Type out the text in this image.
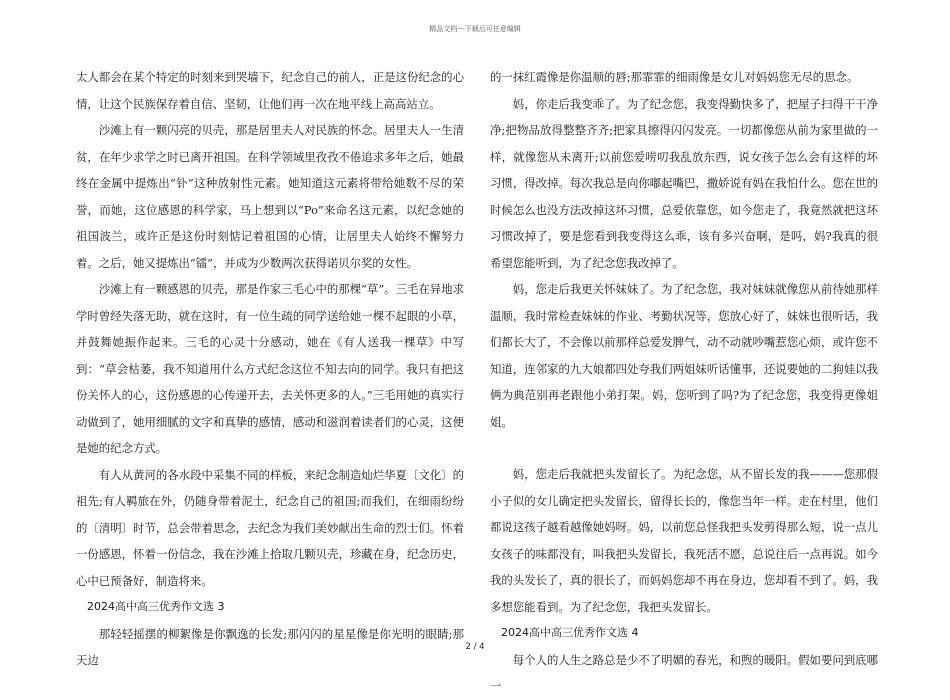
精品文档---下载后可任意编辑

太人都会在某个特定的时刻来到哭墙下，纪念自己的前人，正是这份纪念的心情，让这个民族保存着自信、坚韧，让他们再一次在地平线上高高站立。

沙滩上有一颗闪亮的贝壳，那是居里夫人对民族的怀念。居里夫人一生清贫，在年少求学之时已离开祖国。在科学领域里孜孜不倦追求多年之后，她最终在金属中提炼出“钋”这种放射性元素。她知道这元素将带给她数不尽的荣誉，而她，这位感恩的科学家，马上想到以“Po”来命名这元素，以纪念她的祖国波兰，或许正是这份时刻惦记着祖国的心情，让居里夫人始终不懈努力着。之后，她又提炼出“镭”，并成为少数两次获得诺贝尔奖的女性。

沙滩上有一颗感恩的贝壳，那是作家三毛心中的那棵“草”。三毛在异地求学时曾经失落无助，就在这时，有一位生疏的同学送给她一棵不起眼的小草，并鼓舞她振作起来。三毛的心灵十分感动，她在《有人送我一棵草》中写到：“草会枯萎，我不知道用什么方式纪念这位不知去向的同学。我只有把这份关怀人的心，这份感恩的心传递开去，去关怀更多的人。”三毛用她的真实行动做到了，她用细腻的文字和真挚的感情，感动和滋润着读者们的心灵，这便是她的纪念方式。

有人从黄河的各水段中采集不同的样板，来纪念制造灿烂华夏〔文化〕的祖先;有人羁旅在外，仍随身带着泥土，纪念自己的祖国;而我们，在细雨纷纷的〔清明〕时节，总会带着思念，去纪念为我们美妙献出生命的烈士们。怀着一份感恩，怀着一份信念，我在沙滩上拾取几颗贝壳，珍藏在身，纪念历史，心中已预备好，制造将来。

2024高中高三优秀作文选 3

那轻轻摇摆的柳絮像是你飘逸的长发;那闪闪的星星像是你光明的眼睛;那天边

的一抹红霞像是你温顺的唇;那霏霏的细雨像是女儿对妈妈您无尽的思念。

妈，你走后我变乖了。为了纪念您，我变得勤快多了，把屋子扫得干干净净;把物品放得整整齐齐;把家具擦得闪闪发亮。一切都像您从前为家里做的一样，就像您从未离开;以前您爱唠叨我乱放东西，说女孩子怎么会有这样的坏习惯，得改掉。每次我总是向你嘟起嘴巴，撒娇说有妈在我怕什么。您在世的时候怎么也没方法改掉这坏习惯，总爱依靠您，如今您走了，我竟然就把这坏习惯改掉了，要是您看到我变得这么乖，该有多兴奋啊，是吗，妈?我真的很希望您能听到，为了纪念您我改掉了。

妈，您走后我更关怀妹妹了。为了纪念您，我对妹妹就像您从前待她那样温顺，我时常检查妹妹的作业、考勤状况等，您放心好了，妹妹也很听话，我们都长大了，不会像以前那样总爱发脾气，动不动就吵嘴惹您心烦，或许您不知道，连邻家的九大娘都四处夸我们两姐妹听话懂事，还说要她的二狗娃以我俩为典范别再老跟他小弟打架。妈，您听到了吗?为了纪念您，我变得更像姐姐。

妈，您走后我就把头发留长了。为纪念您，从不留长发的我———您那假小子似的女儿确定把头发留长，留得长长的，像您当年一样。走在村里，他们都说这孩子越看越像她妈呀。妈，以前您总怪我把头发剪得那么短，说一点儿女孩子的味都没有，叫我把头发留长，我死活不愿，总说往后一点再说。如今我的头发长了，真的很长了，而妈妈您却不再在身边，您却看不到了。妈，我多想您能看到。为了纪念您，我把头发留长。

2024高中高三优秀作文选 4

每个人的人生之路总是少不了明媚的春光，和煦的暖阳。假如要问到底哪一

2 / 4
